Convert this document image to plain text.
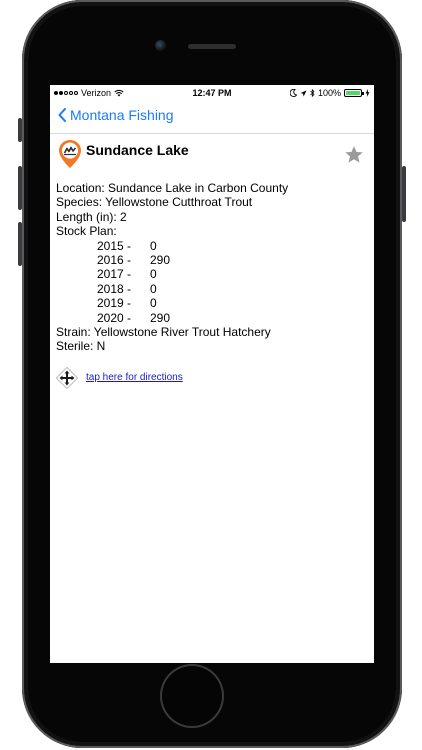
Verizon	12:47 PM	100%
Montana Fishing
Sundance Lake
Location: Sundance Lake in Carbon County
Species: Yellowstone Cutthroat Trout
Length (in): 2
Stock Plan:
2015 -	0
2016 -	290
2017 -	0
2018 -	0
2019 -	0
2020 -	290
Strain: Yellowstone River Trout Hatchery
Sterile: N
tap here for directions
